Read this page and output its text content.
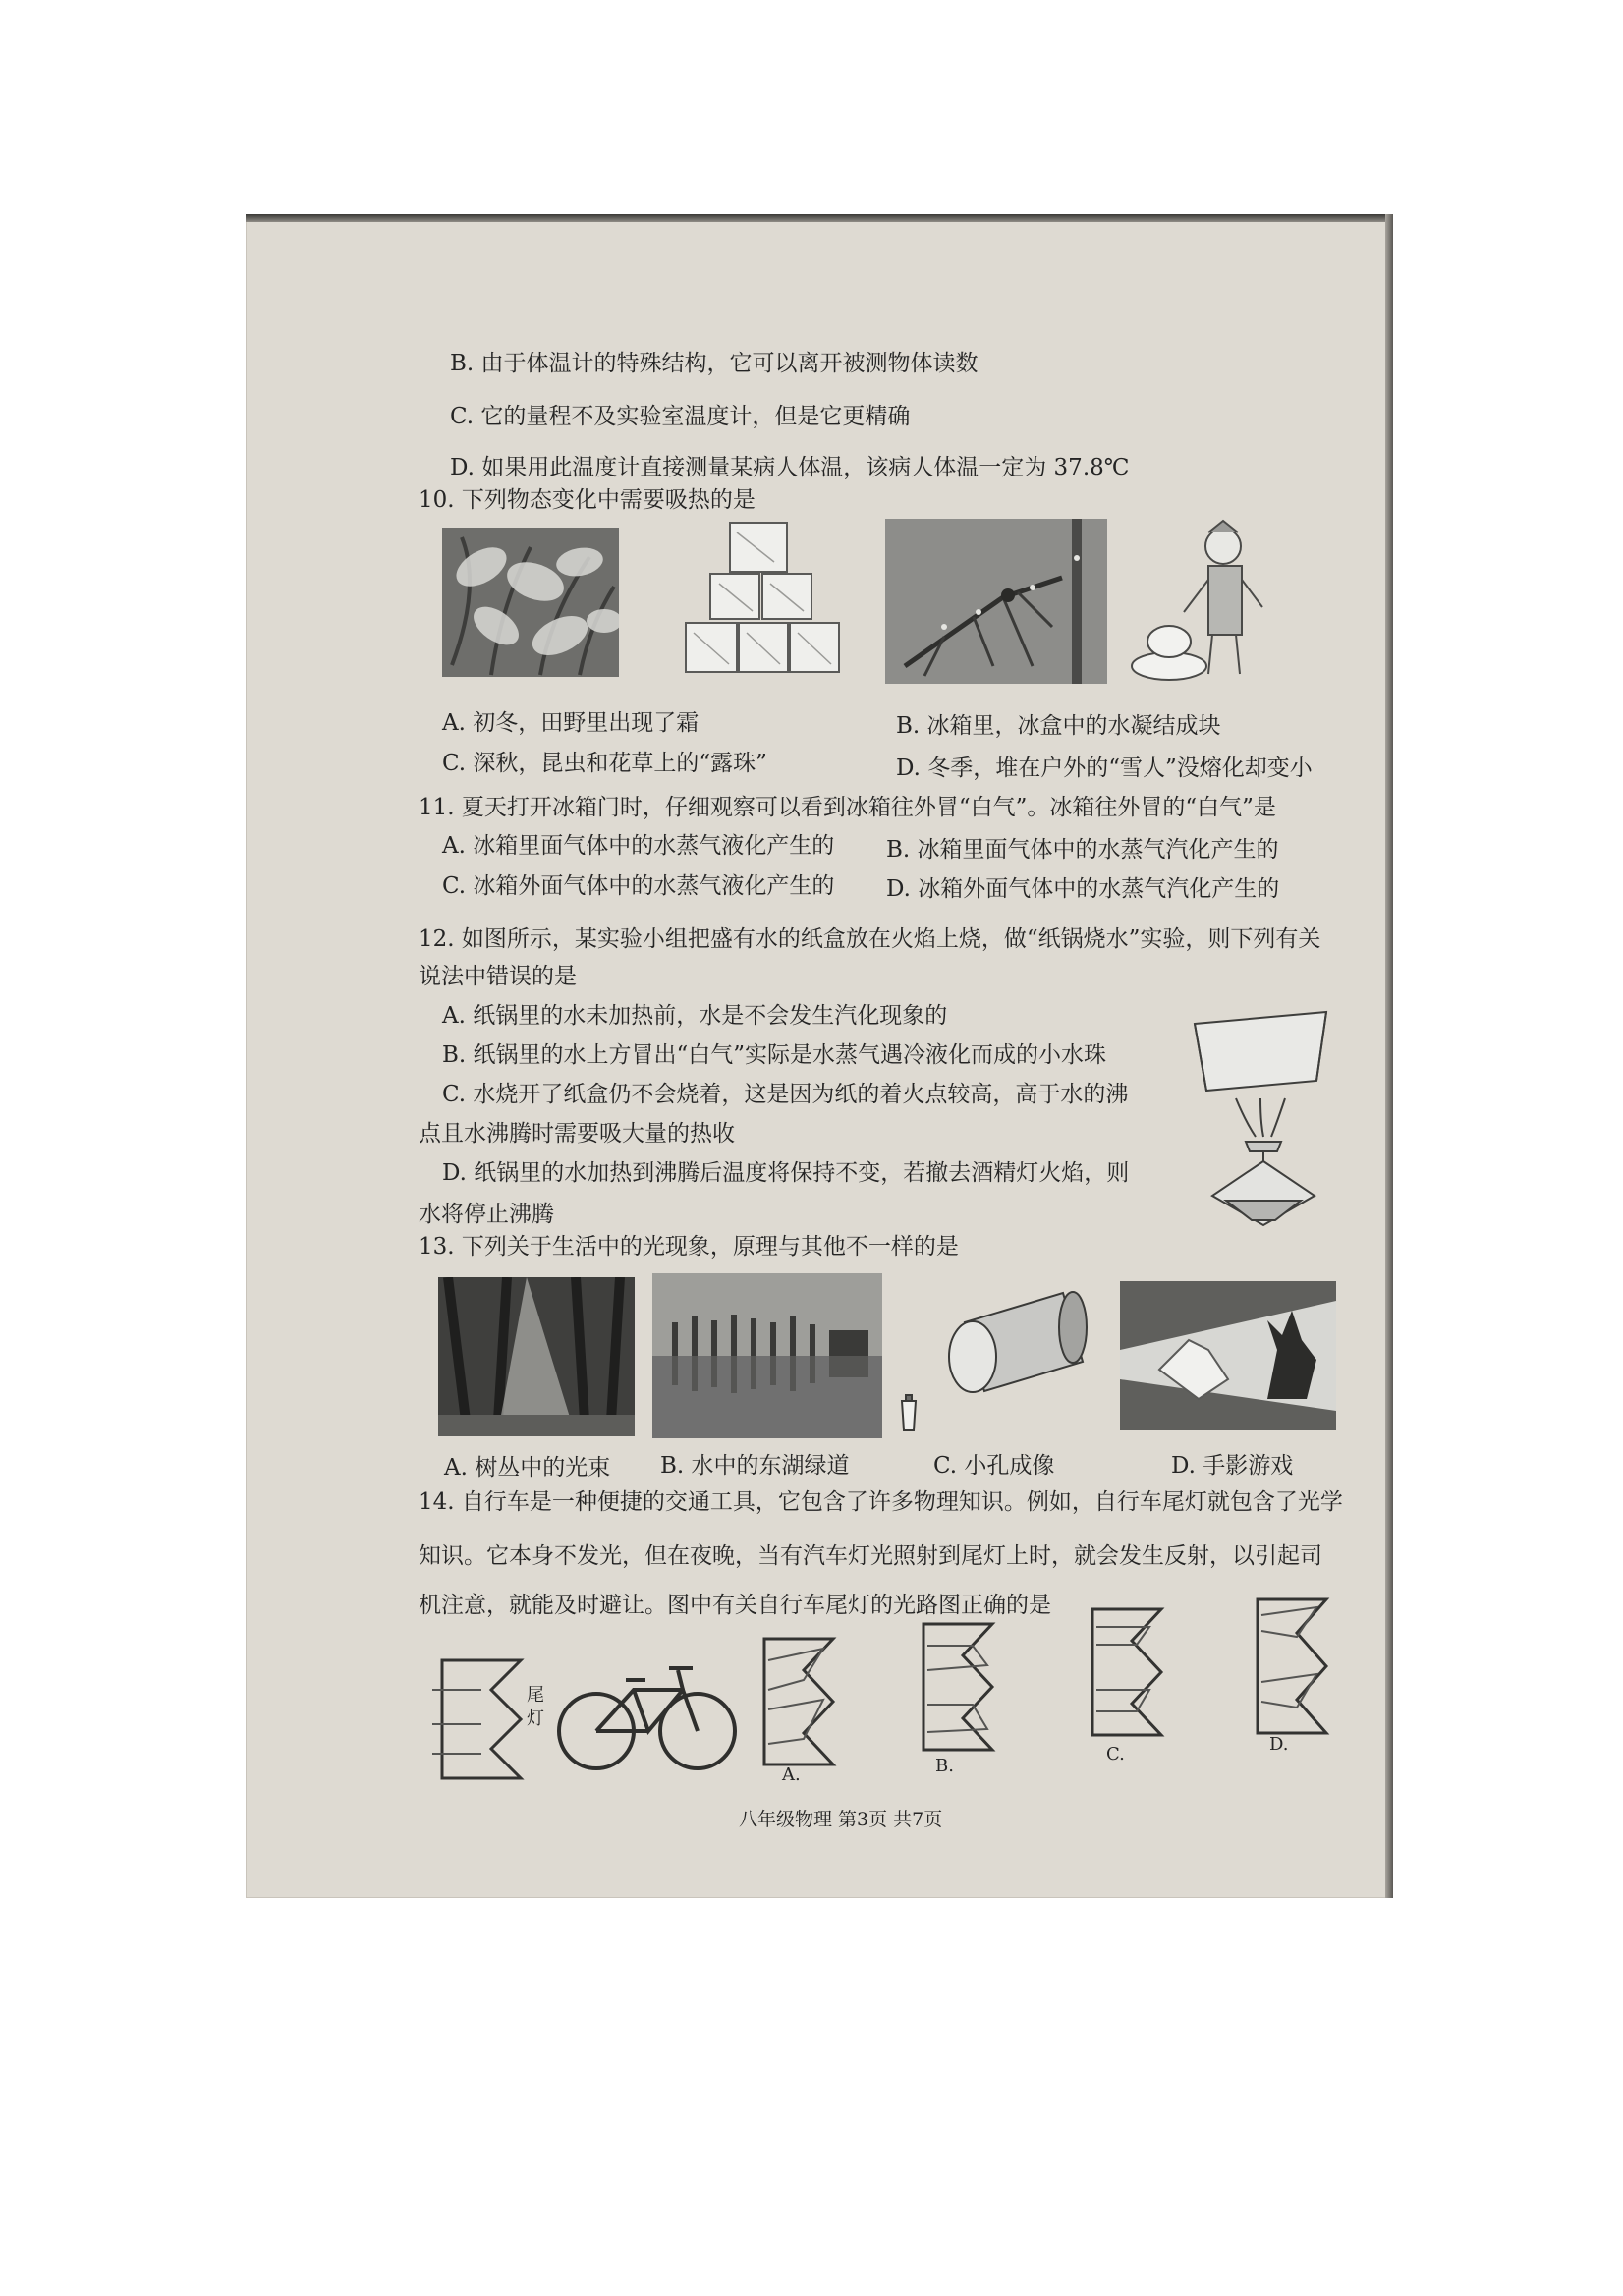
B. 由于体温计的特殊结构，它可以离开被测物体读数
C. 它的量程不及实验室温度计，但是它更精确
D. 如果用此温度计直接测量某病人体温，该病人体温一定为 37.8℃
10. 下列物态变化中需要吸热的是
A. 初冬，田野里出现了霜	B. 冰箱里，冰盒中的水凝结成块
C. 深秋，昆虫和花草上的“露珠”	D. 冬季，堆在户外的“雪人”没熔化却变小
11. 夏天打开冰箱门时，仔细观察可以看到冰箱往外冒“白气”。冰箱往外冒的“白气”是
A. 冰箱里面气体中的水蒸气液化产生的 B. 冰箱里面气体中的水蒸气汽化产生的
C. 冰箱外面气体中的水蒸气液化产生的 D. 冰箱外面气体中的水蒸气汽化产生的
12. 如图所示，某实验小组把盛有水的纸盒放在火焰上烧，做“纸锅烧水”实验，则下列有关
说法中错误的是
A. 纸锅里的水未加热前，水是不会发生汽化现象的
B. 纸锅里的水上方冒出“白气”实际是水蒸气遇冷液化而成的小水珠
C. 水烧开了纸盒仍不会烧着，这是因为纸的着火点较高，高于水的沸
点且水沸腾时需要吸大量的热收
D. 纸锅里的水加热到沸腾后温度将保持不变，若撤去酒精灯火焰，则
水将停止沸腾
13. 下列关于生活中的光现象，原理与其他不一样的是
A. 树丛中的光束 B. 水中的东湖绿道	C. 小孔成像	D. 手影游戏
14. 自行车是一种便捷的交通工具，它包含了许多物理知识。例如，自行车尾灯就包含了光学
知识。它本身不发光，但在夜晚，当有汽车灯光照射到尾灯上时，就会发生反射，以引起司
机注意，就能及时避让。图中有关自行车尾灯的光路图正确的是
尾
灯
A.	B.
C.	D.
八年级物理 第3页 共7页
